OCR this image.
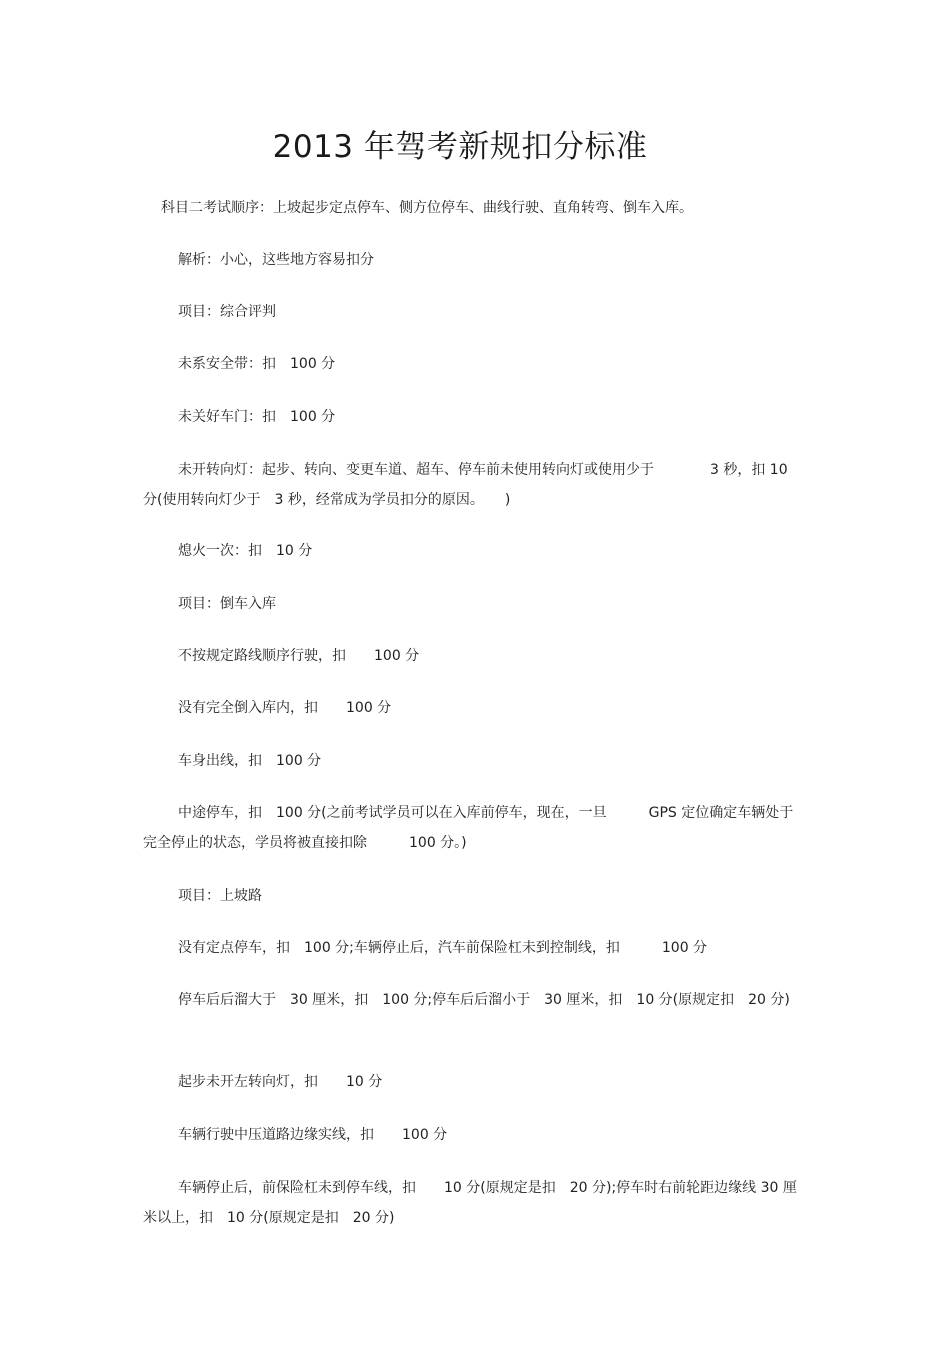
2013 年驾考新规扣分标准
科目二考试顺序：上坡起步定点停车、侧方位停车、曲线行驶、直角转弯、倒车入库。
解析：小心，这些地方容易扣分
项目：综合评判
未系安全带：扣　100 分
未关好车门：扣　100 分
未开转向灯：起步、转向、变更车道、超车、停车前未使用转向灯或使用少于　　　　3 秒，扣 10 分(使用转向灯少于　3 秒，经常成为学员扣分的原因。　　)
熄火一次：扣　10 分
项目：倒车入库
不按规定路线顺序行驶，扣　　100 分
没有完全倒入库内，扣　　100 分
车身出线，扣　100 分
中途停车，扣　100 分(之前考试学员可以在入库前停车，现在，一旦　　　GPS 定位确定车辆处于完全停止的状态，学员将被直接扣除　　　100 分。)
项目：上坡路
没有定点停车，扣　100 分;车辆停止后，汽车前保险杠未到控制线，扣　　　100 分
停车后后溜大于　30 厘米，扣　100 分;停车后后溜小于　30 厘米，扣　10 分(原规定扣　20 分)
起步未开左转向灯，扣　　10 分
车辆行驶中压道路边缘实线，扣　　100 分
车辆停止后，前保险杠未到停车线，扣　　10 分(原规定是扣　20 分);停车时右前轮距边缘线 30 厘米以上，扣　10 分(原规定是扣　20 分)
